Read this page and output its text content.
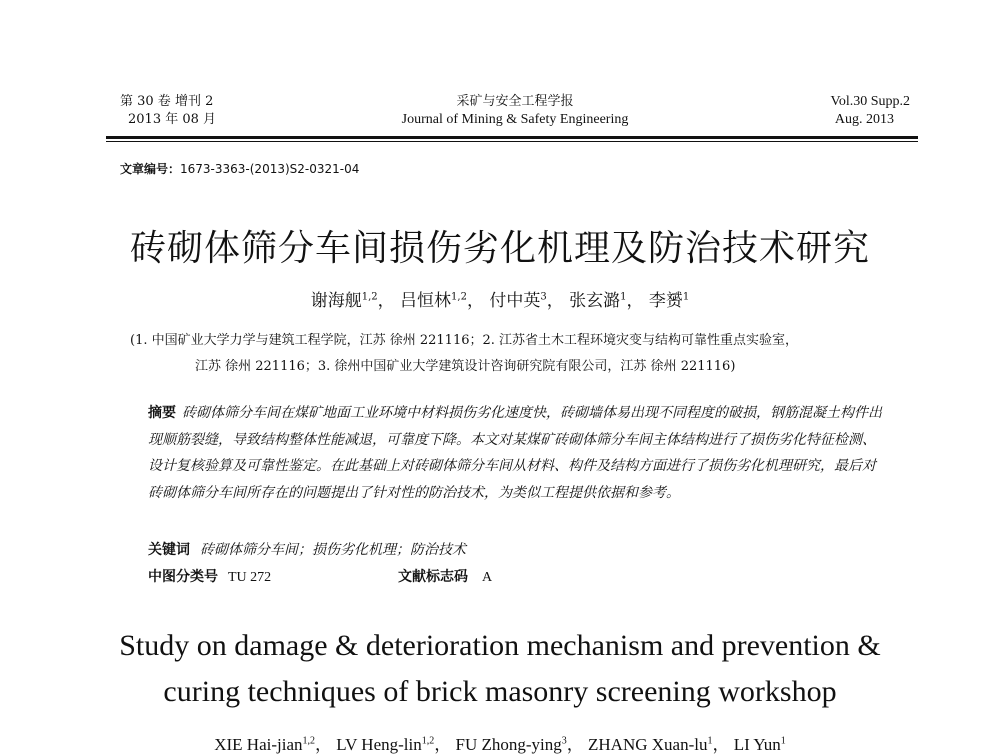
第 30 卷 增刊 2
2013 年 08 月
采矿与安全工程学报
Journal of Mining & Safety Engineering
Vol.30 Supp.2
Aug. 2013
文章编号：1673-3363-(2013)S2-0321-04
砖砌体筛分车间损伤劣化机理及防治技术研究
谢海舰$^{1,2}$， 吕恒林$^{1,2}$， 付中英$^3$， 张玄潞$^1$， 李赟$^1$
(1. 中国矿业大学力学与建筑工程学院，江苏 徐州 221116；2. 江苏省土木工程环境灾变与结构可靠性重点实验室，
江苏 徐州 221116；3. 徐州中国矿业大学建筑设计咨询研究院有限公司，江苏 徐州 221116)
摘要 砖砌体筛分车间在煤矿地面工业环境中材料损伤劣化速度快，砖砌墙体易出现不同程度的破损，钢筋混凝土构件出现顺筋裂缝，导致结构整体性能减退，可靠度下降。本文对某煤矿砖砌体筛分车间主体结构进行了损伤劣化特征检测、设计复核验算及可靠性鉴定。在此基础上对砖砌体筛分车间从材料、构件及结构方面进行了损伤劣化机理研究，最后对砖砌体筛分车间所存在的问题提出了针对性的防治技术，为类似工程提供依据和参考。
关键词 砖砌体筛分车间；损伤劣化机理；防治技术
中图分类号 TU 272	文献标志码 A
Study on damage & deterioration mechanism and prevention &
curing techniques of brick masonry screening workshop
XIE Hai-jian$^{1,2}$， LV Heng-lin$^{1,2}$， FU Zhong-ying$^3$， ZHANG Xuan-$lu^1$， LI Yun$^1$
